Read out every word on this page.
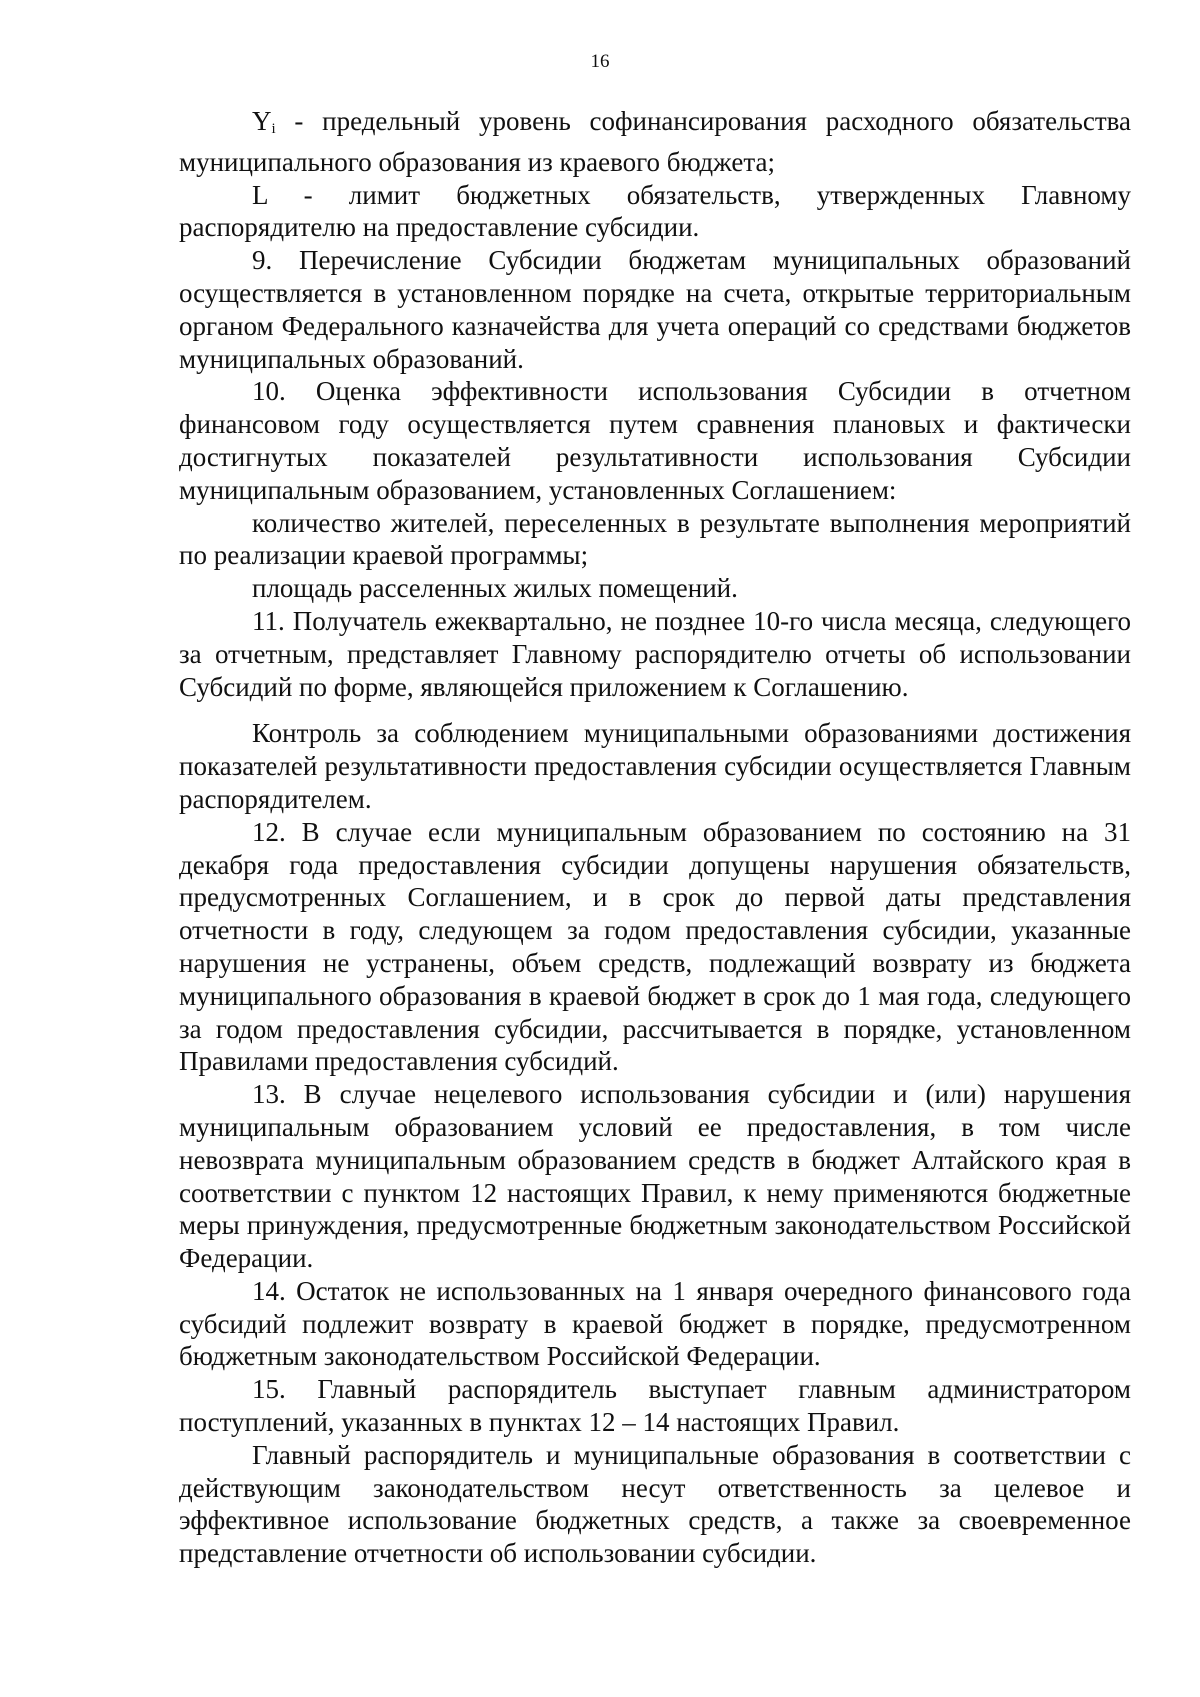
16

$Y_i$ - предельный уровень софинансирования расходного обязательства муниципального образования из краевого бюджета;

L - лимит бюджетных обязательств, утвержденных Главному распорядителю на предоставление субсидии.

9. Перечисление Субсидии бюджетам муниципальных образований осуществляется в установленном порядке на счета, открытые территориальным органом Федерального казначейства для учета операций со средствами бюджетов муниципальных образований.

10. Оценка эффективности использования Субсидии в отчетном финансовом году осуществляется путем сравнения плановых и фактически достигнутых показателей результативности использования Субсидии муниципальным образованием, установленных Соглашением:

количество жителей, переселенных в результате выполнения мероприятий по реализации краевой программы;

площадь расселенных жилых помещений.

11. Получатель ежеквартально, не позднее 10-го числа месяца, следующего за отчетным, представляет Главному распорядителю отчеты об использовании Субсидий по форме, являющейся приложением к Соглашению.

Контроль за соблюдением муниципальными образованиями достижения показателей результативности предоставления субсидии осуществляется Главным распорядителем.

12. В случае если муниципальным образованием по состоянию на 31 декабря года предоставления субсидии допущены нарушения обязательств, предусмотренных Соглашением, и в срок до первой даты представления отчетности в году, следующем за годом предоставления субсидии, указанные нарушения не устранены, объем средств, подлежащий возврату из бюджета муниципального образования в краевой бюджет в срок до 1 мая года, следующего за годом предоставления субсидии, рассчитывается в порядке, установленном Правилами предоставления субсидий.

13. В случае нецелевого использования субсидии и (или) нарушения муниципальным образованием условий ее предоставления, в том числе невозврата муниципальным образованием средств в бюджет Алтайского края в соответствии с пунктом 12 настоящих Правил, к нему применяются бюджетные меры принуждения, предусмотренные бюджетным законодательством Российской Федерации.

14. Остаток не использованных на 1 января очередного финансового года субсидий подлежит возврату в краевой бюджет в порядке, предусмотренном бюджетным законодательством Российской Федерации.

15. Главный распорядитель выступает главным администратором поступлений, указанных в пунктах 12 – 14 настоящих Правил.

Главный распорядитель и муниципальные образования в соответствии с действующим законодательством несут ответственность за целевое и эффективное использование бюджетных средств, а также за своевременное представление отчетности об использовании субсидии.
